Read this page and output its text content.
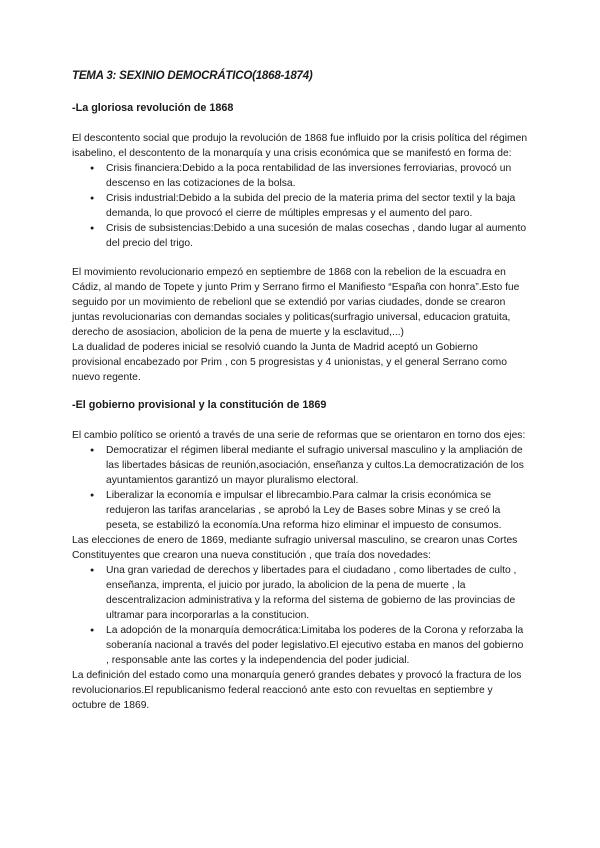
TEMA 3: SEXINIO DEMOCRÁTICO(1868-1874)
-La gloriosa revolución de 1868

El descontento social que produjo la revolución de 1868 fue influido por la crisis política del régimen isabelino, el descontento de la monarquía y una crisis económica que se manifestó en forma de:

● Crisis financiera:Debido a la poca rentabilidad de las inversiones ferroviarias, provocó un descenso en las cotizaciones de la bolsa.
● Crisis industrial:Debido a la subida del precio de la materia prima del sector textil y la baja demanda, lo que provocó el cierre de múltiples empresas y el aumento del paro.
● Crisis de subsistencias:Debido a una sucesión de malas cosechas , dando lugar al aumento del precio del trigo.

El movimiento revolucionario empezó en septiembre de 1868 con la rebelion de la escuadra en Cádiz, al mando de Topete y junto Prim y Serrano firmo el Manifiesto “España con honra”.Esto fue seguido por un movimiento de rebelionl que se extendió por varias ciudades, donde se crearon juntas revolucionarias con demandas sociales y politicas(surfragio universal, educacion gratuita, derecho de asosiacion, abolicion de la pena de muerte y la esclavitud,...)

La dualidad de poderes inicial se resolvió cuando la Junta de Madrid aceptó un Gobierno provisional encabezado por Prim , con 5 progresistas y 4 unionistas, y el general Serrano como nuevo regente.

-El gobierno provisional y la constitución de 1869

El cambio político se orientó a través de una serie de reformas que se orientaron en torno dos ejes:

● Democratizar el régimen liberal mediante el sufragio universal masculino y la ampliación de las libertades básicas de reunión,asociación, enseñanza y cultos.La democratización de los ayuntamientos garantizó un mayor pluralismo electoral.
● Liberalizar la economía e impulsar el librecambio.Para calmar la crisis económica se redujeron las tarifas arancelarias , se aprobó la Ley de Bases sobre Minas y se creó la peseta, se estabilizó la economía.Una reforma hizo eliminar el impuesto de consumos.

Las elecciones de enero de 1869, mediante sufragio universal masculino, se crearon unas Cortes Constituyentes que crearon una nueva constitución , que traía dos novedades:

● Una gran variedad de derechos y libertades para el ciudadano , como libertades de culto , enseñanza, imprenta, el juicio por jurado, la abolicion de la pena de muerte , la descentralizacion administrativa y la reforma del sistema de gobierno de las provincias de ultramar para incorporarlas a la constitucion.
● La adopción de la monarquía democrática:Limitaba los poderes de la Corona y reforzaba la soberanía nacional a través del poder legislativo.El ejecutivo estaba en manos del gobierno , responsable ante las cortes y la independencia del poder judicial.

La definición del estado como una monarquía generó grandes debates y provocó la fractura de los revolucionarios.El republicanismo federal reaccionó ante esto con revueltas en septiembre y octubre de 1869.
